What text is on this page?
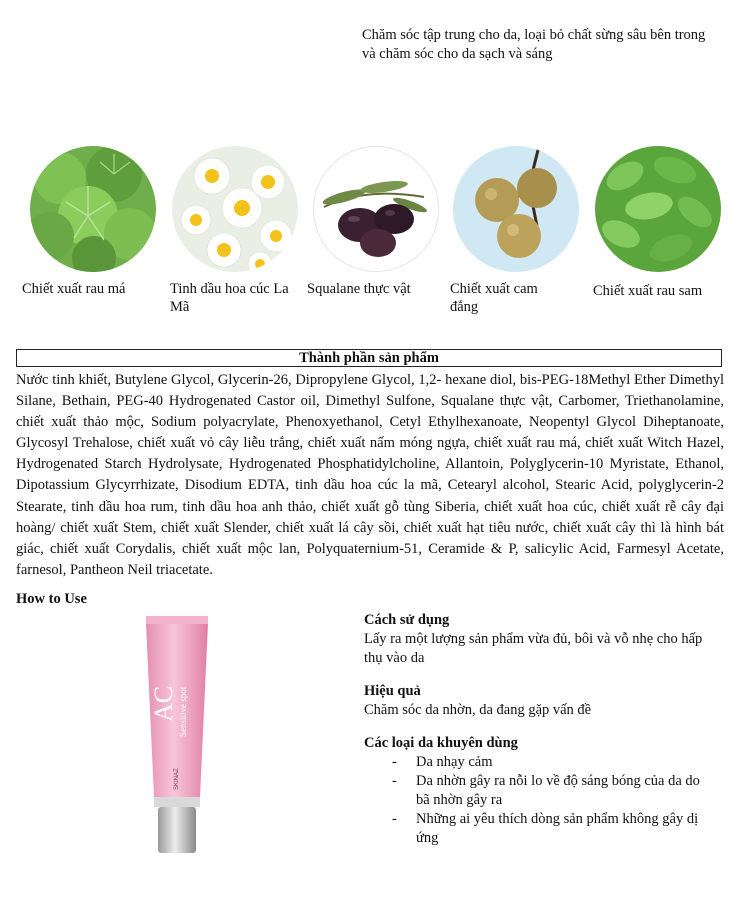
Chăm sóc tập trung cho da, loại bỏ chất sừng sâu bên trong và chăm sóc cho da sạch và sáng
Chiết xuất rau má	Tinh dầu hoa cúc La Mã
Squalane thực vật	Chiết xuất cam đắng
Chiết xuất rau sam
Thành phần sản phẩm
Nước tinh khiết, Butylene Glycol, Glycerin-26, Dipropylene Glycol, 1,2- hexane diol, bis-PEG-18Methyl Ether Dimethyl Silane, Bethain, PEG-40 Hydrogenated Castor oil, Dimethyl Sulfone, Squalane thực vật, Carbomer, Triethanolamine, chiết xuất thảo mộc, Sodium polyacrylate, Phenoxyethanol, Cetyl Ethylhexanoate, Neopentyl Glycol Diheptanoate, Glycosyl Trehalose, chiết xuất vỏ cây liễu trắng, chiết xuất nấm móng ngựa, chiết xuất rau má, chiết xuất Witch Hazel, Hydrogenated Starch Hydrolysate, Hydrogenated Phosphatidylcholine, Allantoin, Polyglycerin-10 Myristate, Ethanol, Dipotassium Glycyrrhizate, Disodium EDTA, tinh dầu hoa cúc la mã, Cetearyl alcohol, Stearic Acid, polyglycerin-2 Stearate, tinh dầu hoa rum, tinh dầu hoa anh thảo, chiết xuất gỗ tùng Siberia, chiết xuất hoa cúc, chiết xuất rễ cây đại hoàng/ chiết xuất Stem, chiết xuất Slender, chiết xuất lá cây sồi, chiết xuất hạt tiêu nước, chiết xuất cây thì là hình bát giác, chiết xuất Corydalis, chiết xuất mộc lan, Polyquaternium-51, Ceramide & P, salicylic Acid, Farmesyl Acetate, farnesol, Pantheon Neil triacetate.
How to Use
AC Sensitive spot
SKINAZ
Cách sử dụng
Lấy ra một lượng sản phẩm vừa đủ, bôi và vỗ nhẹ cho hấp thụ vào da
Hiệu quả
Chăm sóc da nhờn, da đang gặp vấn đề
Các loại da khuyên dùng
- Da nhạy cảm
- Da nhờn gây ra nỗi lo về độ sáng bóng của da do bã nhờn gây ra
- Những ai yêu thích dòng sản phẩm không gây dị ứng
